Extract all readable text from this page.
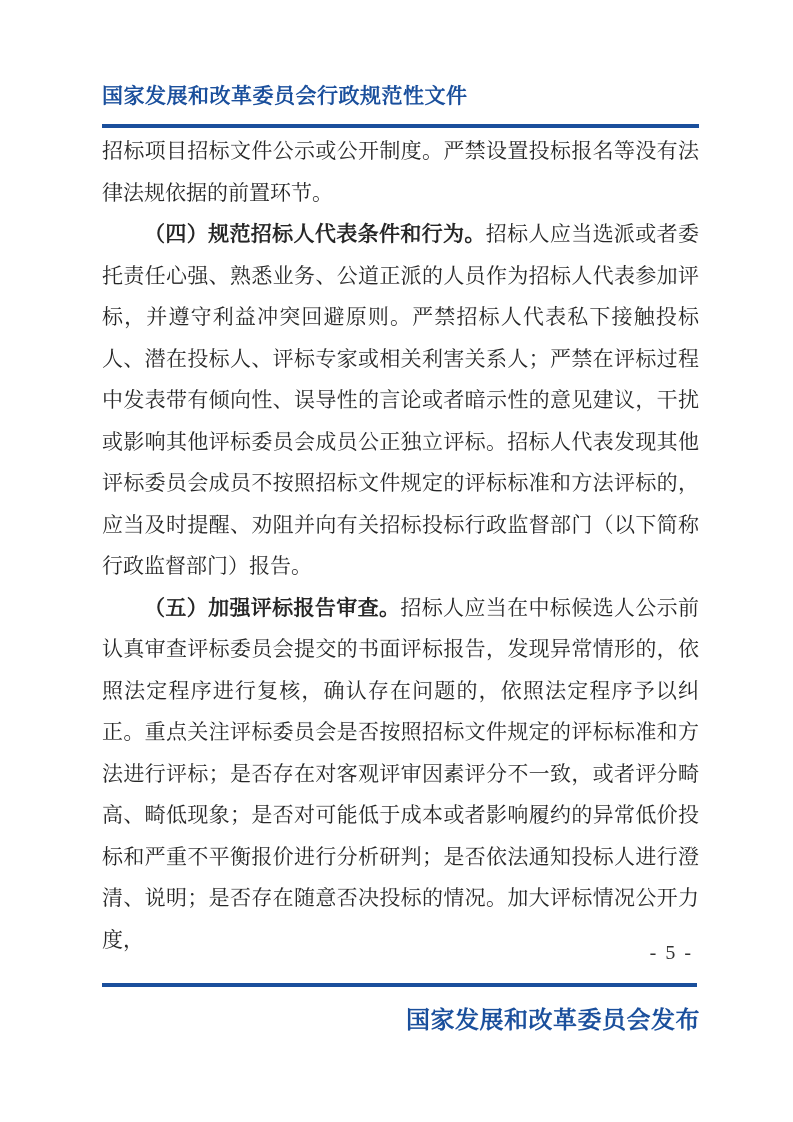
国家发展和改革委员会行政规范性文件

招标项目招标文件公示或公开制度。严禁设置投标报名等没有法律法规依据的前置环节。

（四）规范招标人代表条件和行为。招标人应当选派或者委托责任心强、熟悉业务、公道正派的人员作为招标人代表参加评标，并遵守利益冲突回避原则。严禁招标人代表私下接触投标人、潜在投标人、评标专家或相关利害关系人；严禁在评标过程中发表带有倾向性、误导性的言论或者暗示性的意见建议，干扰或影响其他评标委员会成员公正独立评标。招标人代表发现其他评标委员会成员不按照招标文件规定的评标标准和方法评标的，应当及时提醒、劝阻并向有关招标投标行政监督部门（以下简称行政监督部门）报告。

（五）加强评标报告审查。招标人应当在中标候选人公示前认真审查评标委员会提交的书面评标报告，发现异常情形的，依照法定程序进行复核，确认存在问题的，依照法定程序予以纠正。重点关注评标委员会是否按照招标文件规定的评标标准和方法进行评标；是否存在对客观评审因素评分不一致，或者评分畸高、畸低现象；是否对可能低于成本或者影响履约的异常低价投标和严重不平衡报价进行分析研判；是否依法通知投标人进行澄清、说明；是否存在随意否决投标的情况。加大评标情况公开力度，

- 5 -
国家发展和改革委员会发布
